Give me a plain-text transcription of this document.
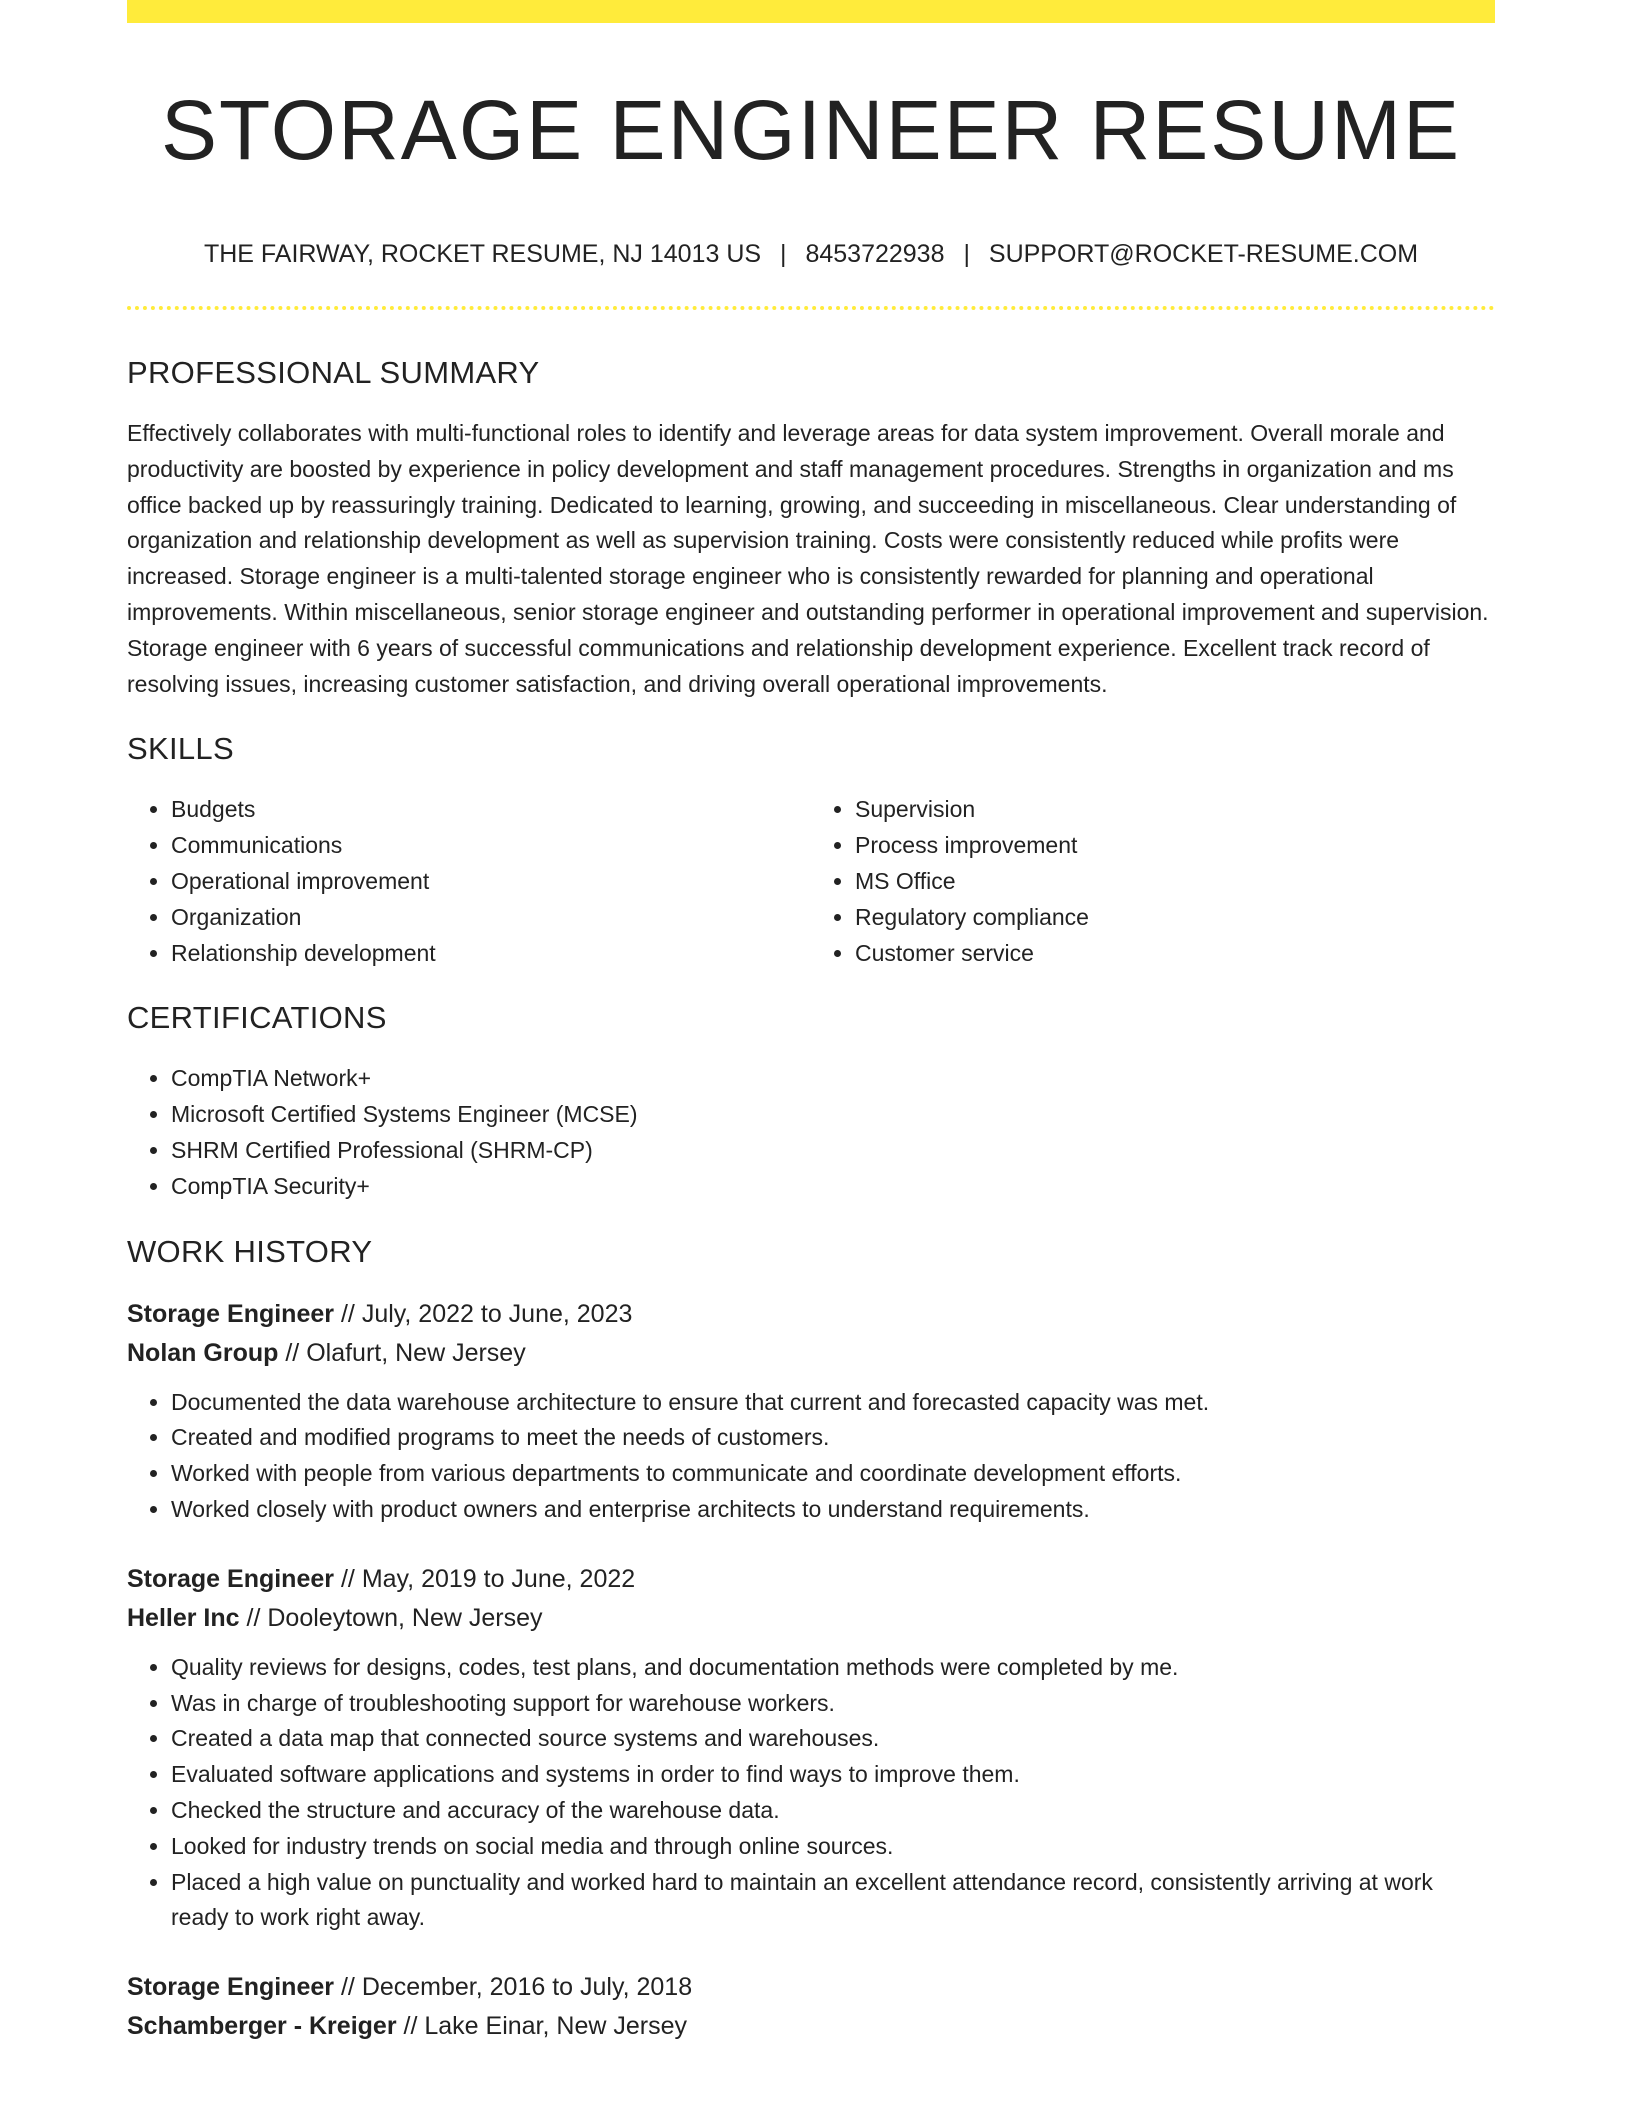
STORAGE ENGINEER RESUME
THE FAIRWAY, ROCKET RESUME, NJ 14013 US | 8453722938 | SUPPORT@ROCKET-RESUME.COM
PROFESSIONAL SUMMARY

Effectively collaborates with multi-functional roles to identify and leverage areas for data system improvement. Overall morale and productivity are boosted by experience in policy development and staff management procedures. Strengths in organization and ms office backed up by reassuringly training. Dedicated to learning, growing, and succeeding in miscellaneous. Clear understanding of organization and relationship development as well as supervision training. Costs were consistently reduced while profits were increased. Storage engineer is a multi-talented storage engineer who is consistently rewarded for planning and operational improvements. Within miscellaneous, senior storage engineer and outstanding performer in operational improvement and supervision. Storage engineer with 6 years of successful communications and relationship development experience. Excellent track record of resolving issues, increasing customer satisfaction, and driving overall operational improvements.

SKILLS
• Budgets
• Communications
• Operational improvement
• Organization
• Relationship development
• Supervision
• Process improvement
• MS Office
• Regulatory compliance
• Customer service
CERTIFICATIONS
• CompTIA Network+
• Microsoft Certified Systems Engineer (MCSE)
• SHRM Certified Professional (SHRM-CP)
• CompTIA Security+
WORK HISTORY
Storage Engineer // July, 2022 to June, 2023
Nolan Group // Olafurt, New Jersey
• Documented the data warehouse architecture to ensure that current and forecasted capacity was met.
• Created and modified programs to meet the needs of customers.
• Worked with people from various departments to communicate and coordinate development efforts.
• Worked closely with product owners and enterprise architects to understand requirements.
Storage Engineer // May, 2019 to June, 2022
Heller Inc // Dooleytown, New Jersey
• Quality reviews for designs, codes, test plans, and documentation methods were completed by me.
• Was in charge of troubleshooting support for warehouse workers.
• Created a data map that connected source systems and warehouses.
• Evaluated software applications and systems in order to find ways to improve them.
• Checked the structure and accuracy of the warehouse data.
• Looked for industry trends on social media and through online sources.
• Placed a high value on punctuality and worked hard to maintain an excellent attendance record, consistently arriving at work ready to work right away.
Storage Engineer // December, 2016 to July, 2018
Schamberger - Kreiger // Lake Einar, New Jersey
